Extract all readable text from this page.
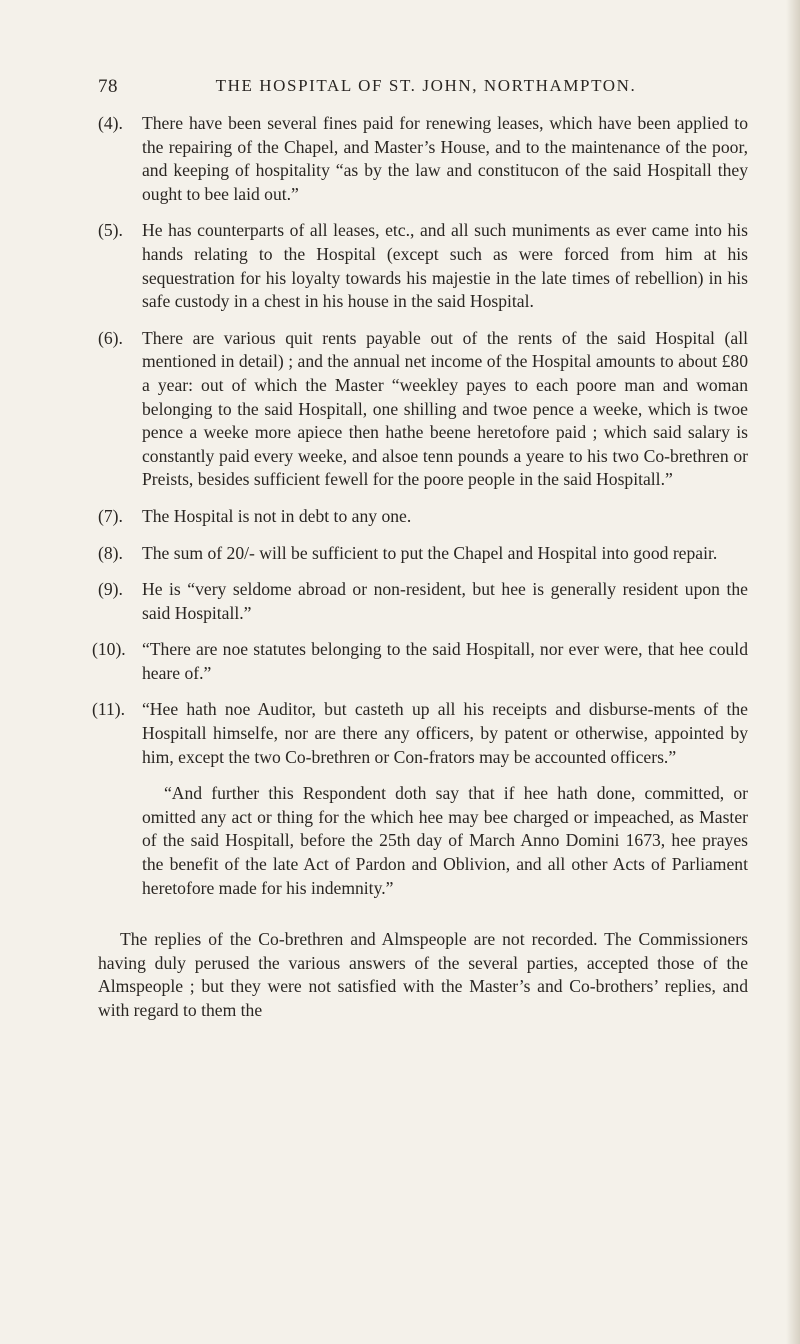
78	THE HOSPITAL OF ST. JOHN, NORTHAMPTON.
(4).	There have been several fines paid for renewing leases, which have been applied to the repairing of the Chapel, and Master’s House, and to the maintenance of the poor, and keeping of hospitality “as by the law and constitucon of the said Hospitall they ought to bee laid out.”
(5).	He has counterparts of all leases, etc., and all such muniments as ever came into his hands relating to the Hospital (except such as were forced from him at his sequestration for his loyalty towards his majestie in the late times of rebellion) in his safe custody in a chest in his house in the said Hospital.
(6).	There are various quit rents payable out of the rents of the said Hospital (all mentioned in detail) ; and the annual net income of the Hospital amounts to about £80 a year: out of which the Master “weekley payes to each poore man and woman belonging to the said Hospitall, one shilling and twoe pence a weeke, which is twoe pence a weeke more apiece then hathe beene heretofore paid ; which said salary is constantly paid every weeke, and alsoe tenn pounds a yeare to his two Co-brethren or Preists, besides sufficient fewell for the poore people in the said Hospitall.”
(7).	The Hospital is not in debt to any one.
(8).	The sum of 20/- will be sufficient to put the Chapel and Hospital into good repair.
(9).	He is “very seldome abroad or non-resident, but hee is generally resident upon the said Hospitall.”
(10). “There are noe statutes belonging to the said Hospitall, nor ever were, that hee could heare of.”
(11). “Hee hath noe Auditor, but casteth up all his receipts and disburse-ments of the Hospitall himselfe, nor are there any officers, by patent or otherwise, appointed by him, except the two Co-brethren or Con-frators may be accounted officers.”
“And further this Respondent doth say that if hee hath done, committed, or omitted any act or thing for the which hee may bee charged or impeached, as Master of the said Hospitall, before the 25th day of March Anno Domini 1673, hee prayes the benefit of the late Act of Pardon and Oblivion, and all other Acts of Parliament heretofore made for his indemnity.”
The replies of the Co-brethren and Almspeople are not recorded. The Commissioners having duly perused the various answers of the several parties, accepted those of the Almspeople ; but they were not satisfied with the Master’s and Co-brothers’ replies, and with regard to them the
